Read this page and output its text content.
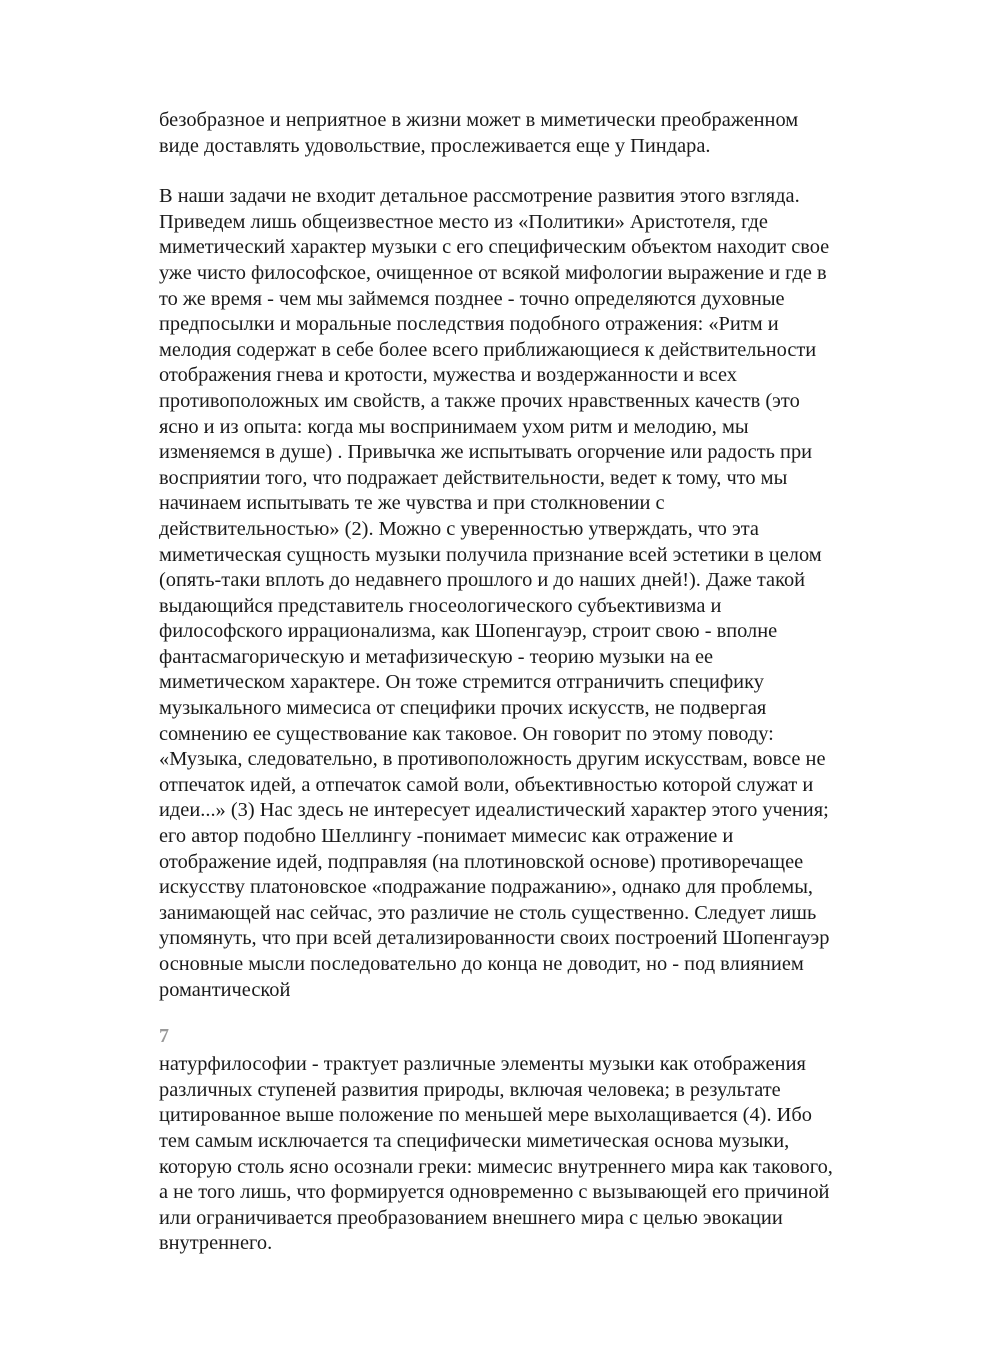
безобразное и неприятное в жизни может в миметически преображенном
виде доставлять удовольствие, прослеживается еще у Пиндара.
В наши задачи не входит детальное рассмотрение развития этого взгляда.
Приведем лишь общеизвестное место из «Политики» Аристотеля, где
миметический характер музыки с его специфическим объектом находит свое
уже чисто философское, очищенное от всякой мифологии выражение и где в
то же время - чем мы займемся позднее - точно определяются духовные
предпосылки и моральные последствия подобного отражения: «Ритм и
мелодия содержат в себе более всего приближающиеся к действительности
отображения гнева и кротости, мужества и воздержанности и всех
противоположных им свойств, а также прочих нравственных качеств (это
ясно и из опыта: когда мы воспринимаем ухом ритм и мелодию, мы
изменяемся в душе) . Привычка же испытывать огорчение или радость при
восприятии того, что подражает действительности, ведет к тому, что мы
начинаем испытывать те же чувства и при столкновении с
действительностью» (2). Можно с уверенностью утверждать, что эта
миметическая сущность музыки получила признание всей эстетики в целом
(опять-таки вплоть до недавнего прошлого и до наших дней!). Даже такой
выдающийся представитель гносеологического субъективизма и
философского иррационализма, как Шопенгауэр, строит свою - вполне
фантасмагорическую и метафизическую - теорию музыки на ее
миметическом характере. Он тоже стремится отграничить специфику
музыкального мимесиса от специфики прочих искусств, не подвергая
сомнению ее существование как таковое. Он говорит по этому поводу:
«Музыка, следовательно, в противоположность другим искусствам, вовсе не
отпечаток идей, а отпечаток самой воли, объективностью которой служат и
идеи...» (3) Нас здесь не интересует идеалистический характер этого учения;
его автор подобно Шеллингу -понимает мимесис как отражение и
отображение идей, подправляя (на плотиновской основе) противоречащее
искусству платоновское «подражание подражанию», однако для проблемы,
занимающей нас сейчас, это различие не столь существенно. Следует лишь
упомянуть, что при всей детализированности своих построений Шопенгауэр
основные мысли последовательно до конца не доводит, но - под влиянием
романтической
7
натурфилософии - трактует различные элементы музыки как отображения
различных ступеней развития природы, включая человека; в результате
цитированное выше положение по меньшей мере выхолащивается (4). Ибо
тем самым исключается та специфически миметическая основа музыки,
которую столь ясно осознали греки: мимесис внутреннего мира как такового,
а не того лишь, что формируется одновременно с вызывающей его причиной
или ограничивается преобразованием внешнего мира с целью эвокации
внутреннего.
